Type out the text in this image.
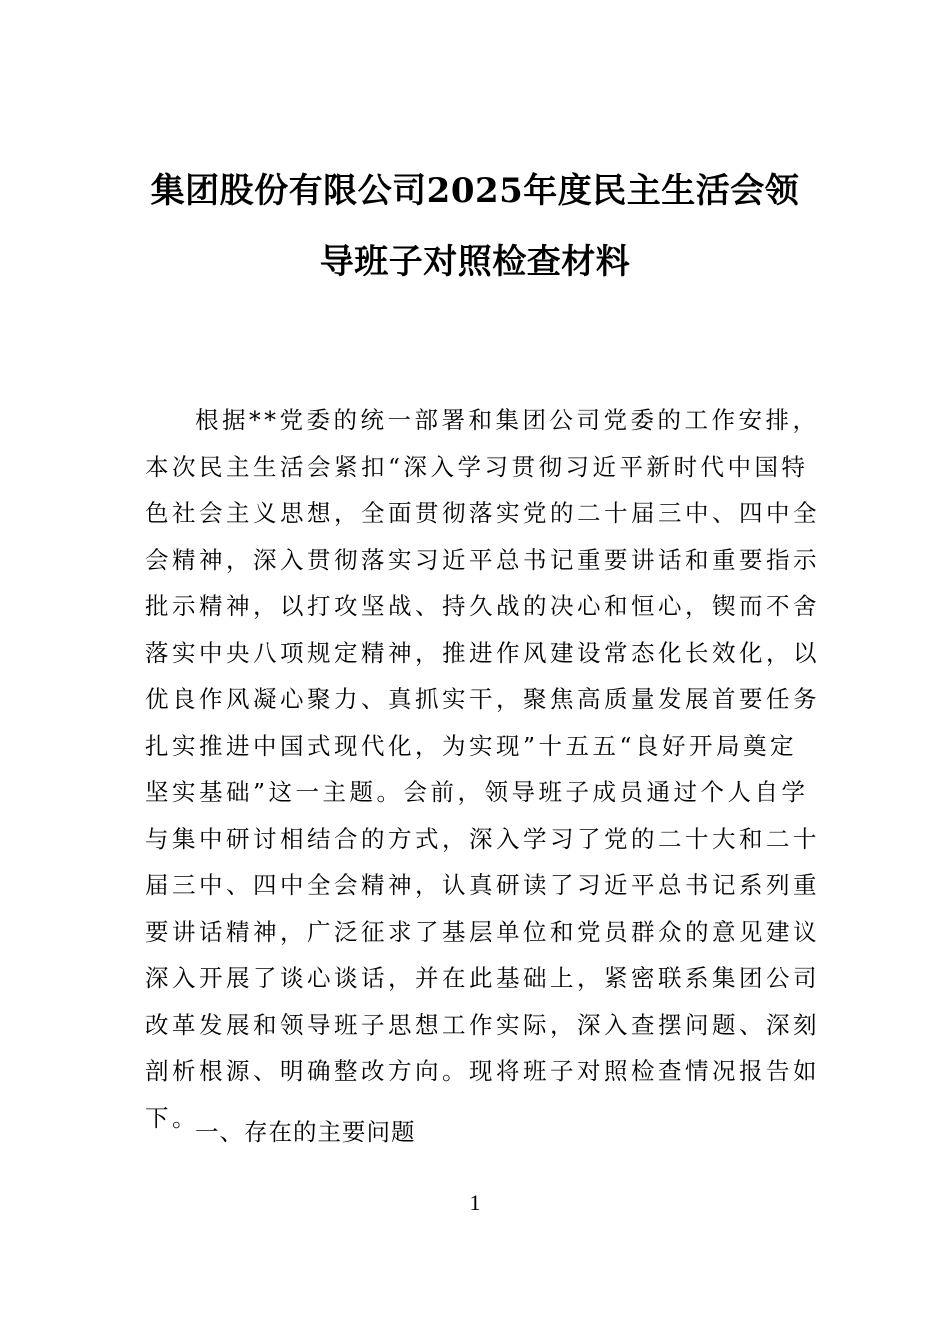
集团股份有限公司2025年度民主生活会领
导班子对照检查材料
根据**党委的统一部署和集团公司党委的工作安排，
本次民主生活会紧扣“深入学习贯彻习近平新时代中国特
色社会主义思想，全面贯彻落实党的二十届三中、四中全
会精神，深入贯彻落实习近平总书记重要讲话和重要指示
批示精神，以打攻坚战、持久战的决心和恒心，锲而不舍
落实中央八项规定精神，推进作风建设常态化长效化，以
优良作风凝心聚力、真抓实干，聚焦高质量发展首要任务
扎实推进中国式现代化，为实现”十五五“良好开局奠定
坚实基础”这一主题。会前，领导班子成员通过个人自学
与集中研讨相结合的方式，深入学习了党的二十大和二十
届三中、四中全会精神，认真研读了习近平总书记系列重
要讲话精神，广泛征求了基层单位和党员群众的意见建议
深入开展了谈心谈话，并在此基础上，紧密联系集团公司
改革发展和领导班子思想工作实际，深入查摆问题、深刻
剖析根源、明确整改方向。现将班子对照检查情况报告如
下。
一、存在的主要问题
1
